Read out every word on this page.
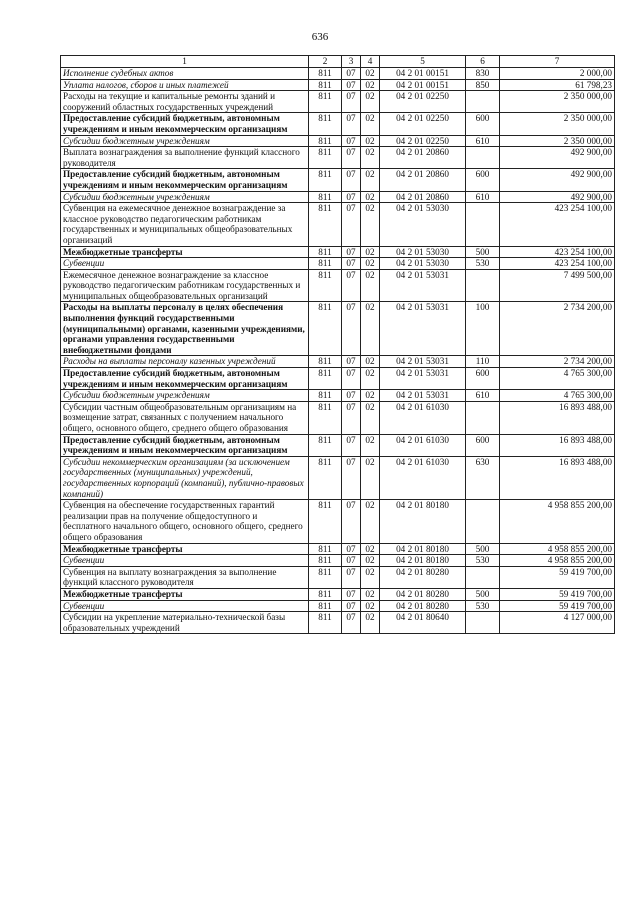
636
1	2	3	4	5	6	7
Исполнение судебных актов	811	07	02	04 2 01 00151	830	2 000,00
Уплата налогов, сборов и иных платежей	811	07	02	04 2 01 00151	850	61 798,23
Расходы на текущие и капитальные ремонты зданий и сооружений областных государственных учреждений	811	07	02	04 2 01 02250		2 350 000,00
Предоставление субсидий бюджетным, автономным учреждениям и иным некоммерческим организациям	811	07	02	04 2 01 02250	600	2 350 000,00
Субсидии бюджетным учреждениям	811	07	02	04 2 01 02250	610	2 350 000,00
Выплата вознаграждения за выполнение функций классного руководителя	811	07	02	04 2 01 20860		492 900,00
Предоставление субсидий бюджетным, автономным учреждениям и иным некоммерческим организациям	811	07	02	04 2 01 20860	600	492 900,00
Субсидии бюджетным учреждениям	811	07	02	04 2 01 20860	610	492 900,00
Субвенция на ежемесячное денежное вознаграждение за классное руководство педагогическим работникам государственных и муниципальных общеобразовательных организаций	811	07	02	04 2 01 53030		423 254 100,00
Межбюджетные трансферты	811	07	02	04 2 01 53030	500	423 254 100,00
Субвенции	811	07	02	04 2 01 53030	530	423 254 100,00
Ежемесячное денежное вознаграждение за классное руководство педагогическим работникам государственных и муниципальных общеобразовательных организаций	811	07	02	04 2 01 53031		7 499 500,00
Расходы на выплаты персоналу в целях обеспечения выполнения функций государственными (муниципальными) органами, казенными учреждениями, органами управления государственными внебюджетными фондами	811	07	02	04 2 01 53031	100	2 734 200,00
Расходы на выплаты персоналу казенных учреждений	811	07	02	04 2 01 53031	110	2 734 200,00
Предоставление субсидий бюджетным, автономным учреждениям и иным некоммерческим организациям	811	07	02	04 2 01 53031	600	4 765 300,00
Субсидии бюджетным учреждениям	811	07	02	04 2 01 53031	610	4 765 300,00
Субсидии частным общеобразовательным организациям на возмещение затрат, связанных с получением начального общего, основного общего, среднего общего образования	811	07	02	04 2 01 61030		16 893 488,00
Предоставление субсидий бюджетным, автономным учреждениям и иным некоммерческим организациям	811	07	02	04 2 01 61030	600	16 893 488,00
Субсидии некоммерческим организациям (за исключением государственных (муниципальных) учреждений, государственных корпораций (компаний), публично-правовых компаний)	811	07	02	04 2 01 61030	630	16 893 488,00
Субвенция на обеспечение государственных гарантий реализации прав на получение общедоступного и бесплатного начального общего, основного общего, среднего общего образования	811	07	02	04 2 01 80180		4 958 855 200,00
Межбюджетные трансферты	811	07	02	04 2 01 80180	500	4 958 855 200,00
Субвенции	811	07	02	04 2 01 80180	530	4 958 855 200,00
Субвенция на выплату вознаграждения за выполнение функций классного руководителя	811	07	02	04 2 01 80280		59 419 700,00
Межбюджетные трансферты	811	07	02	04 2 01 80280	500	59 419 700,00
Субвенции	811	07	02	04 2 01 80280	530	59 419 700,00
Субсидии на укрепление материально-технической базы образовательных учреждений	811	07	02	04 2 01 80640		4 127 000,00
